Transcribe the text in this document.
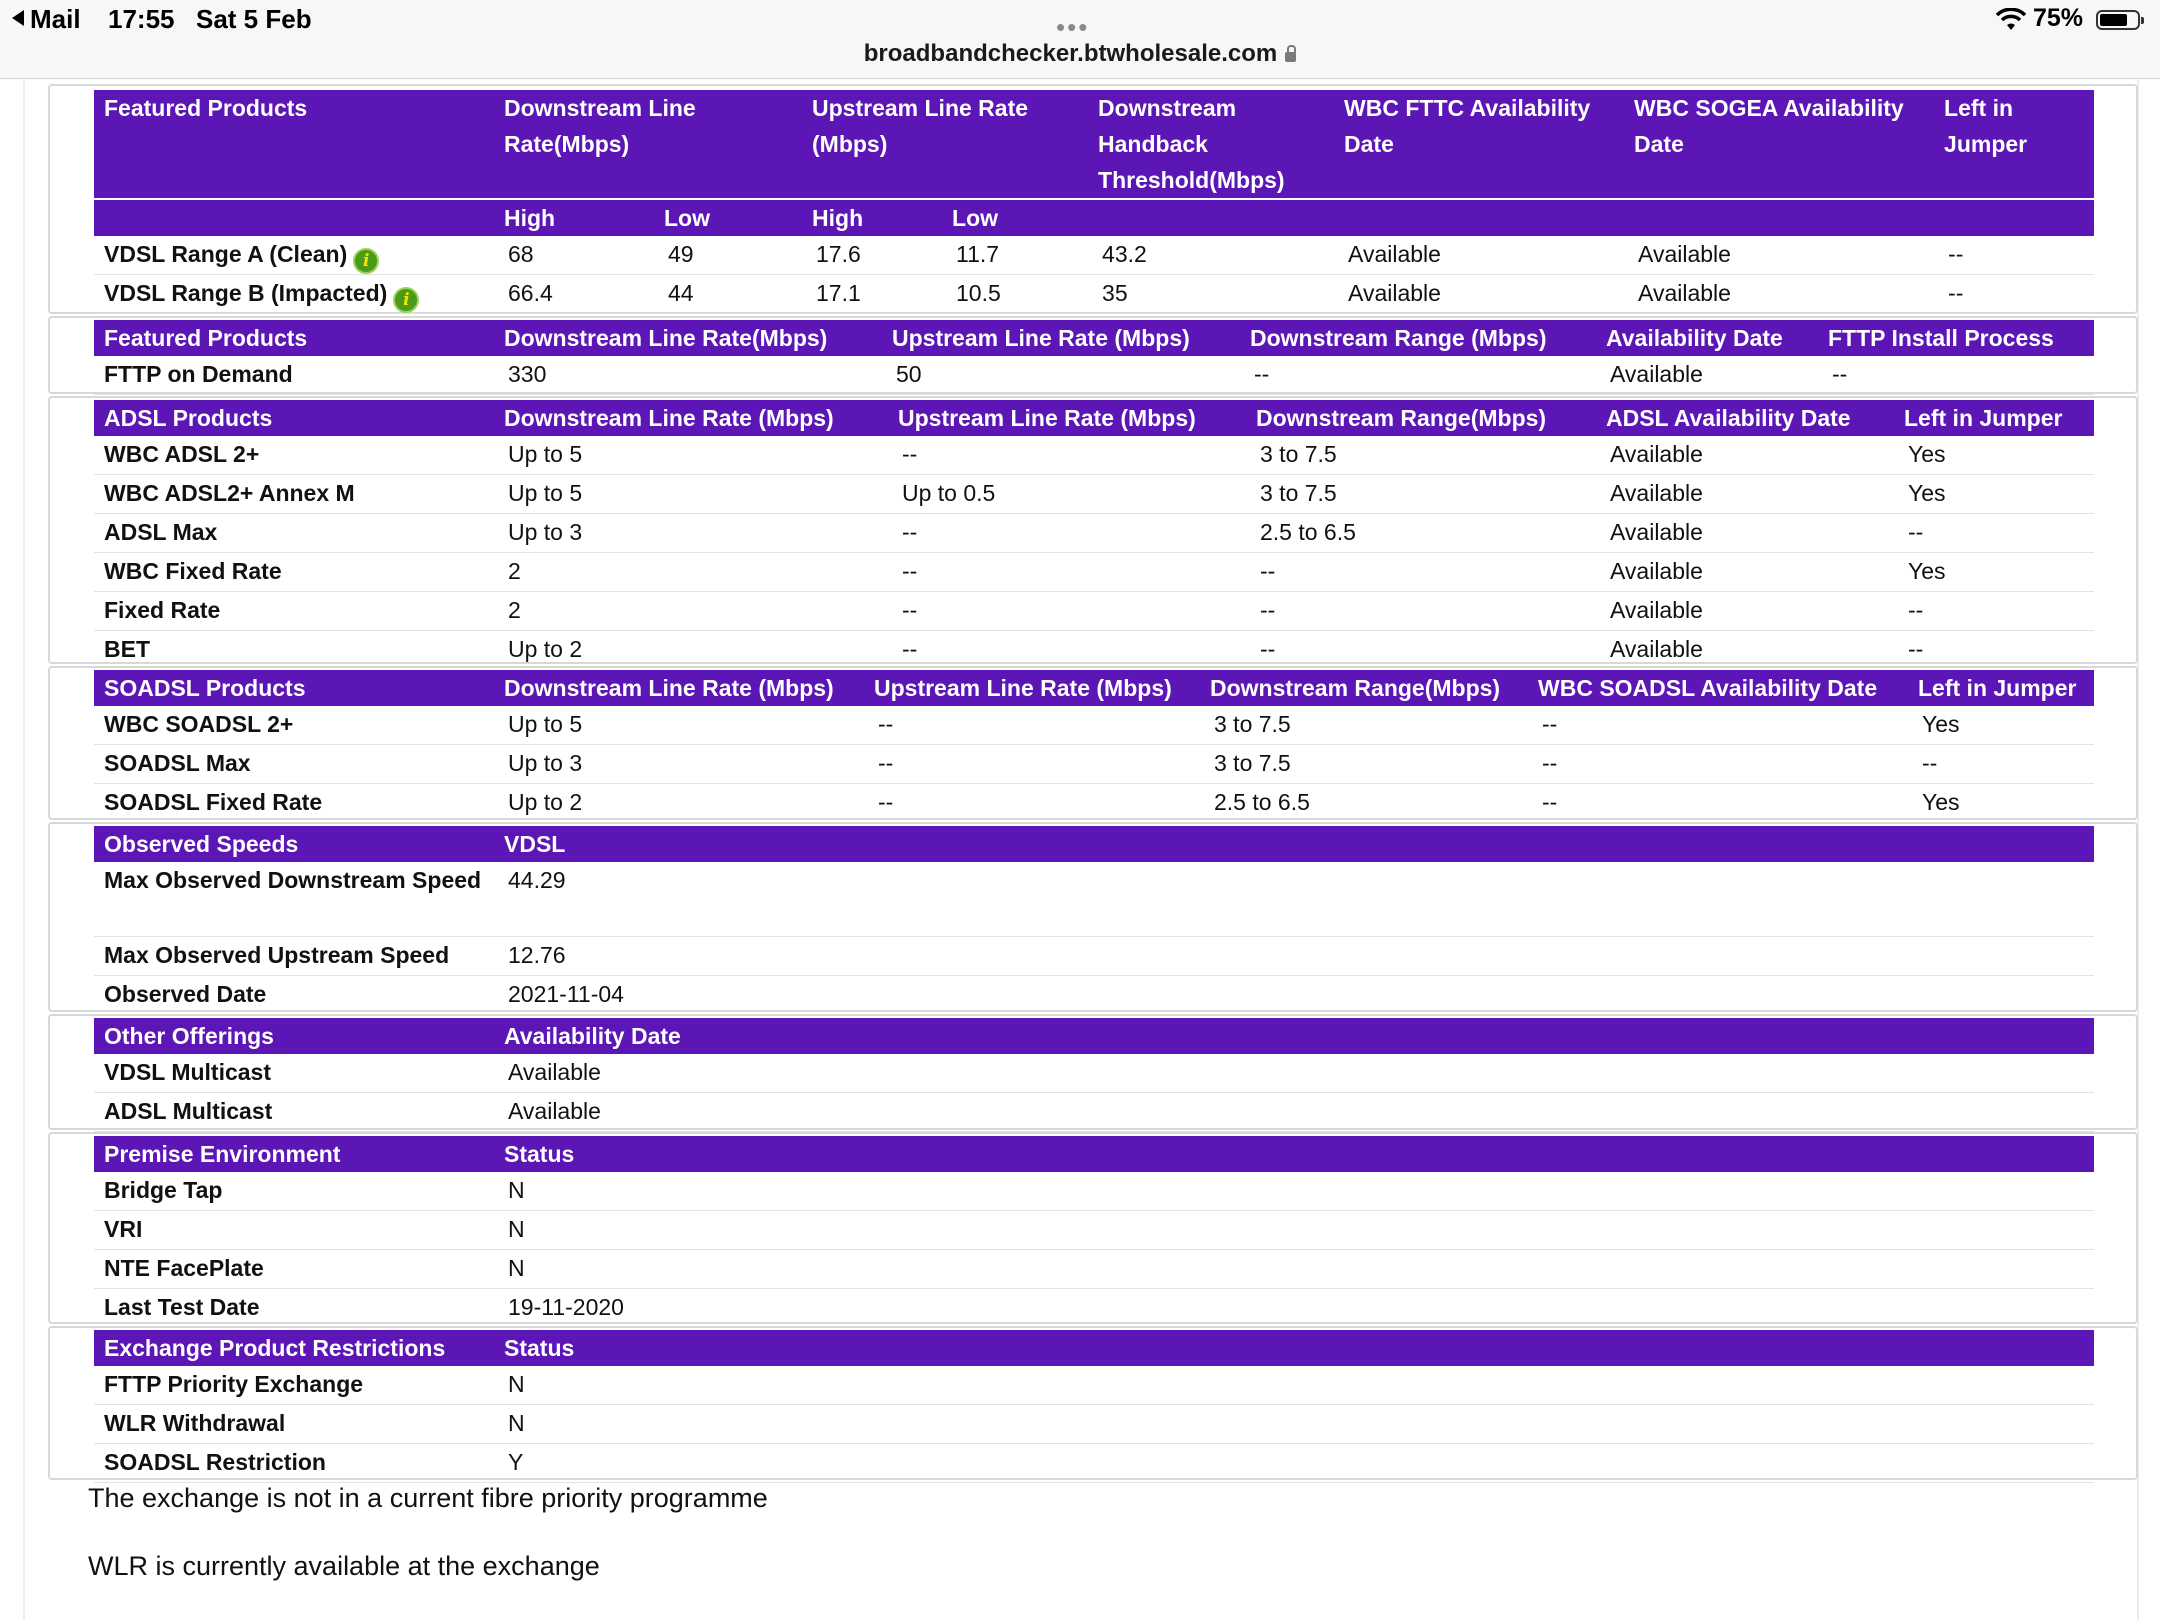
Mail 17:55 Sat 5 Feb	•••
broadbandchecker.btwholesale.com
75%
Featured Products	Downstream Line Rate(Mbps)		Upstream Line Rate (Mbps)		Downstream Handback Threshold(Mbps)	WBC FTTC Availability Date	WBC SOGEA Availability Date	Left in Jumper
	High	Low	High	Low				
VDSL Range A (Clean) i	68	49	17.6	11.7	43.2	Available	Available	--
VDSL Range B (Impacted) i	66.4	44	17.1	10.5	35	Available	Available	--
Featured Products	Downstream Line Rate(Mbps)	Upstream Line Rate (Mbps)	Downstream Range (Mbps)	Availability Date	FTTP Install Process
FTTP on Demand	330	50	--	Available	--
ADSL Products	Downstream Line Rate (Mbps)	Upstream Line Rate (Mbps)	Downstream Range(Mbps)	ADSL Availability Date	Left in Jumper
WBC ADSL 2+	Up to 5	--	3 to 7.5	Available	Yes
WBC ADSL2+ Annex M	Up to 5	Up to 0.5	3 to 7.5	Available	Yes
ADSL Max	Up to 3	--	2.5 to 6.5	Available	--
WBC Fixed Rate	2	--	--	Available	Yes
Fixed Rate	2	--	--	Available	--
BET	Up to 2	--	--	Available	--
SOADSL Products	Downstream Line Rate (Mbps)	Upstream Line Rate (Mbps)	Downstream Range(Mbps)	WBC SOADSL Availability Date	Left in Jumper
WBC SOADSL 2+	Up to 5	--	3 to 7.5	--	Yes
SOADSL Max	Up to 3	--	3 to 7.5	--	--
SOADSL Fixed Rate	Up to 2	--	2.5 to 6.5	--	Yes
Observed Speeds	VDSL
Max Observed Downstream Speed	44.29
Max Observed Upstream Speed	12.76
Observed Date	2021-11-04
Other Offerings	Availability Date
VDSL Multicast	Available
ADSL Multicast	Available
Premise Environment	Status
Bridge Tap	N
VRI	N
NTE FacePlate	N
Last Test Date	19-11-2020
Exchange Product Restrictions	Status
FTTP Priority Exchange	N
WLR Withdrawal	N
SOADSL Restriction	Y
The exchange is not in a current fibre priority programme
WLR is currently available at the exchange
